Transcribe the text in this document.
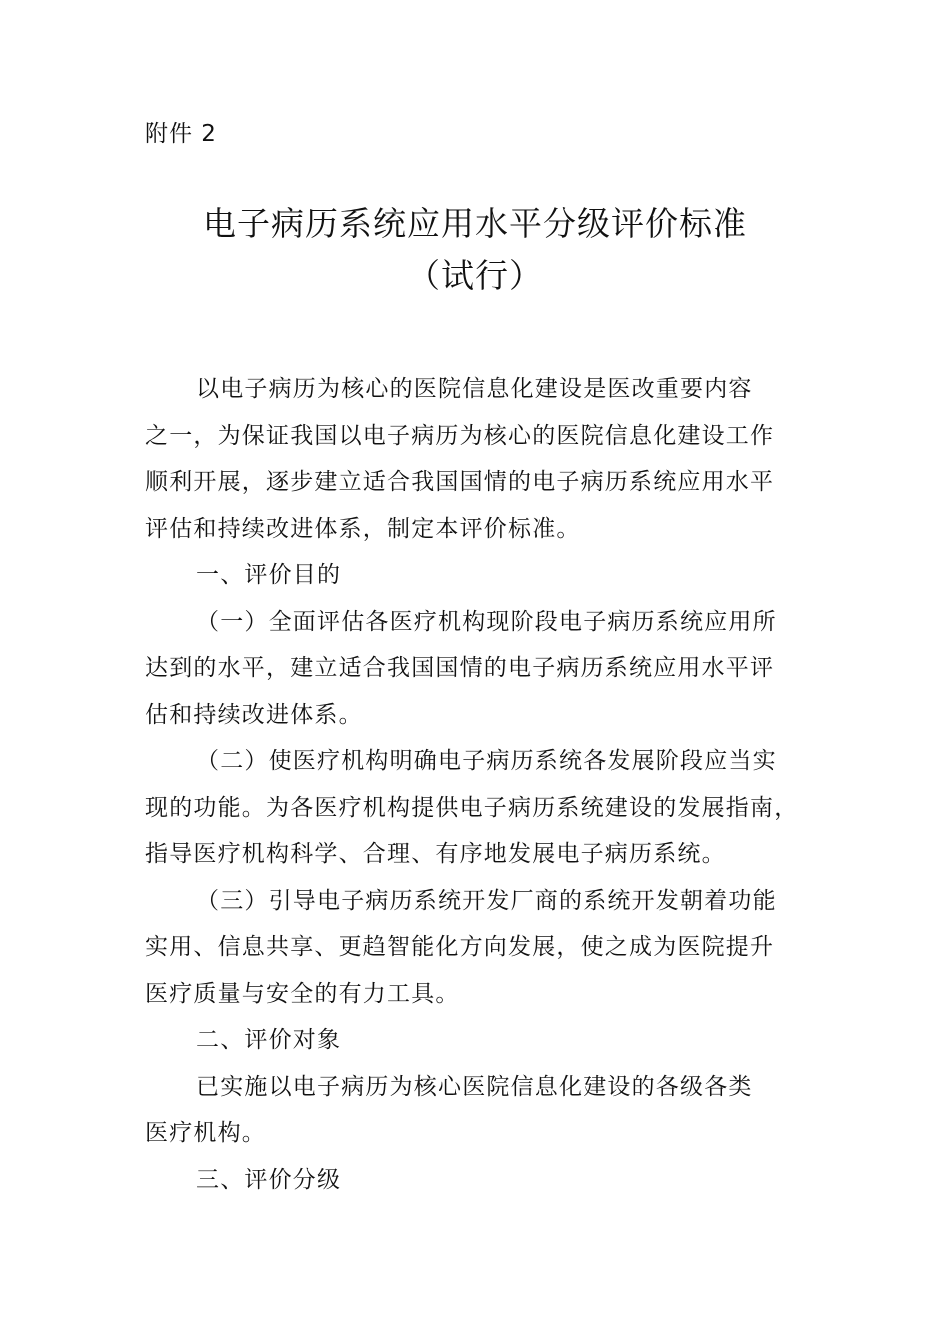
附件 2
电子病历系统应用水平分级评价标准
（试行）
以电子病历为核心的医院信息化建设是医改重要内容
之一，为保证我国以电子病历为核心的医院信息化建设工作
顺利开展，逐步建立适合我国国情的电子病历系统应用水平
评估和持续改进体系，制定本评价标准。
一、评价目的
（一）全面评估各医疗机构现阶段电子病历系统应用所
达到的水平，建立适合我国国情的电子病历系统应用水平评
估和持续改进体系。
（二）使医疗机构明确电子病历系统各发展阶段应当实
现的功能。为各医疗机构提供电子病历系统建设的发展指南，
指导医疗机构科学、合理、有序地发展电子病历系统。
（三）引导电子病历系统开发厂商的系统开发朝着功能
实用、信息共享、更趋智能化方向发展，使之成为医院提升
医疗质量与安全的有力工具。
二、评价对象
已实施以电子病历为核心医院信息化建设的各级各类
医疗机构。
三、评价分级
